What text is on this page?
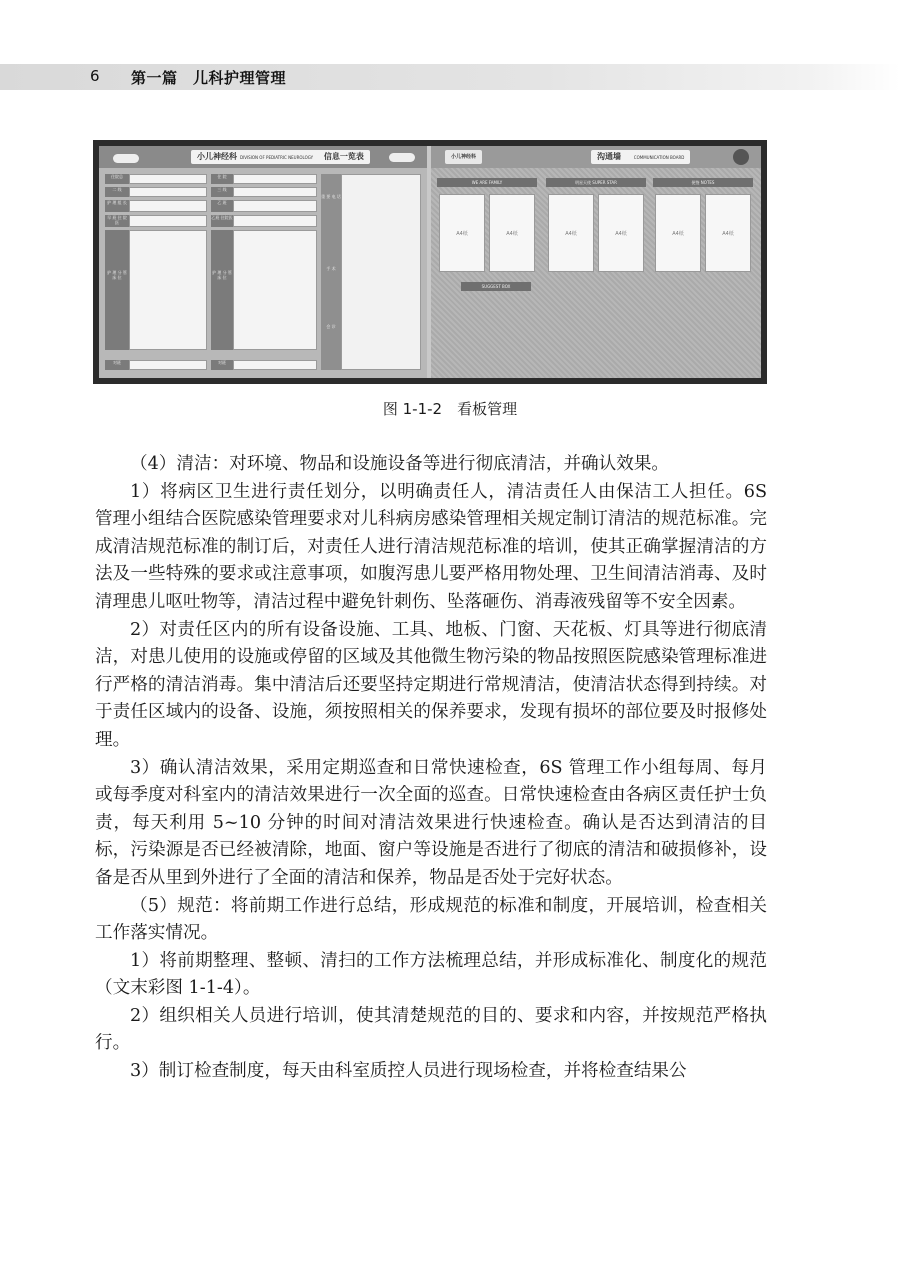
6 第一篇　儿科护理管理
小儿神经科 DIVISION OF PEDIATRIC NEUROLOGY 信息一览表
住院总
二 线
护 理 组 长
早 班 住 院 医
护 理 分 管 床 位
对班
住 院
三 线
乙 班
乙班 住院医
护 理 分 管 床 位
对班
重 要 电 话
手 术
会 诊
小儿神经科	沟通墙	COMMUNICATION BOARD
WE ARE FAMILY
A4纸	A4纸
明星天使 SUPER STAR
A4纸	A4纸
便签 NOTES
A4纸	A4纸
SUGGEST BOX
图 1-1-2　看板管理

（4）清洁：对环境、物品和设施设备等进行彻底清洁，并确认效果。

1）将病区卫生进行责任划分，以明确责任人，清洁责任人由保洁工人担任。6S 管理小组结合医院感染管理要求对儿科病房感染管理相关规定制订清洁的规范标准。完成清洁规范标准的制订后，对责任人进行清洁规范标准的培训，使其正确掌握清洁的方法及一些特殊的要求或注意事项，如腹泻患儿要严格用物处理、卫生间清洁消毒、及时清理患儿呕吐物等，清洁过程中避免针刺伤、坠落砸伤、消毒液残留等不安全因素。

2）对责任区内的所有设备设施、工具、地板、门窗、天花板、灯具等进行彻底清洁，对患儿使用的设施或停留的区域及其他微生物污染的物品按照医院感染管理标准进行严格的清洁消毒。集中清洁后还要坚持定期进行常规清洁，使清洁状态得到持续。对于责任区域内的设备、设施，须按照相关的保养要求，发现有损坏的部位要及时报修处理。

3）确认清洁效果，采用定期巡查和日常快速检查，6S 管理工作小组每周、每月或每季度对科室内的清洁效果进行一次全面的巡查。日常快速检查由各病区责任护士负责，每天利用 5~10 分钟的时间对清洁效果进行快速检查。确认是否达到清洁的目标，污染源是否已经被清除，地面、窗户等设施是否进行了彻底的清洁和破损修补，设备是否从里到外进行了全面的清洁和保养，物品是否处于完好状态。

（5）规范：将前期工作进行总结，形成规范的标准和制度，开展培训，检查相关工作落实情况。

1）将前期整理、整顿、清扫的工作方法梳理总结，并形成标准化、制度化的规范（文末彩图 1-1-4）。

2）组织相关人员进行培训，使其清楚规范的目的、要求和内容，并按规范严格执行。

3）制订检查制度，每天由科室质控人员进行现场检查，并将检查结果公
